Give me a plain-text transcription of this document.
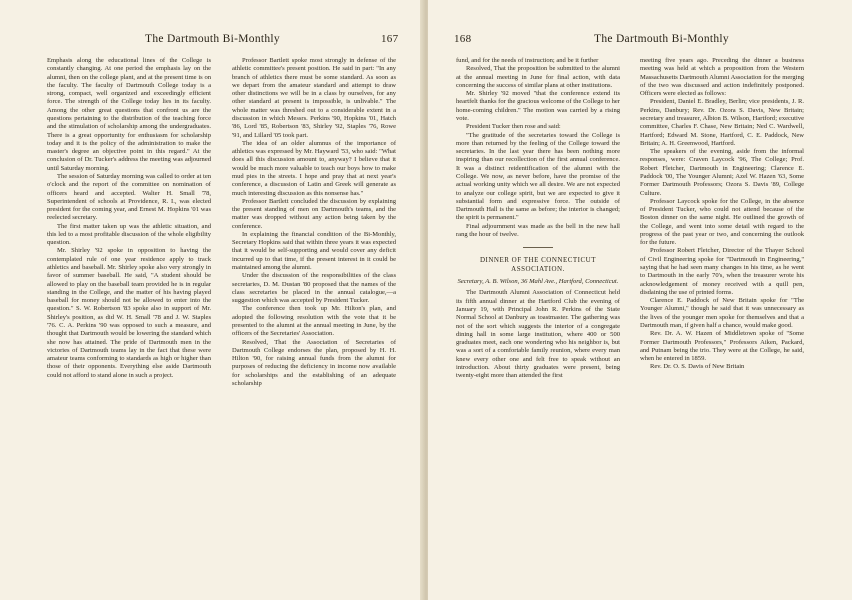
The Dartmouth Bi-Monthly	167

Emphasis along the educational lines of the College is constantly changing. At one period the emphasis lay on the alumni, then on the college plant, and at the present time is on the faculty. The faculty of Dartmouth College today is a strong, compact, well organized and exceedingly efficient force. The strength of the College today lies in its faculty. Among the other great questions that confront us are the questions pertaining to the distribution of the teaching force and the stimulation of scholarship among the undergraduates. There is a great opportunity for enthusiasm for scholarship today and it is the policy of the administration to make the master's degree an objective point in this regard." At the conclusion of Dr. Tucker's address the meeting was adjourned until Saturday morning.

The session of Saturday morning was called to order at ten o'clock and the report of the committee on nomination of officers heard and accepted. Walter H. Small '78, Superintendent of schools at Providence, R. I., was elected president for the coming year, and Ernest M. Hopkins '01 was reelected secretary.

The first matter taken up was the athletic situation, and this led to a most profitable discussion of the whole eligibility question.

Mr. Shirley '92 spoke in opposition to having the contemplated rule of one year residence apply to track athletics and baseball. Mr. Shirley spoke also very strongly in favor of summer baseball. He said, "A student should be allowed to play on the baseball team provided he is in regular standing in the College, and the matter of his having played baseball for money should not be allowed to enter into the question." S. W. Robertson '83 spoke also in support of Mr. Shirley's position, as did W. H. Small '78 and J. W. Staples '76. C. A. Perkins '90 was opposed to such a measure, and thought that Dartmouth would be lowering the standard which she now has attained. The pride of Dartmouth men in the victories of Dartmouth teams lay in the fact that these were amateur teams conforming to standards as high or higher than those of their opponents. Everything else aside Dartmouth could not afford to stand alone in such a project.

Professor Bartlett spoke most strongly in defense of the athletic committee's present position. He said in part: "In any branch of athletics there must be some standard. As soon as we depart from the amateur standard and attempt to draw other distinctions we will be in a class by ourselves, for any other standard at present is impossible, is unlivable." The whole matter was threshed out to a considerable extent in a discussion in which Messrs. Perkins '90, Hopkins '01, Hatch '86, Lord '85, Robertson '83, Shirley '92, Staples '76, Rowe '91, and Lillard '05 took part.

The idea of an older alumnus of the importance of athletics was expressed by Mr. Hayward '53, who said: "What does all this discussion amount to, anyway? I believe that it would be much more valuable to teach our boys how to make mud pies in the streets. I hope and pray that at next year's conference, a discussion of Latin and Greek will generate as much interesting discussion as this nonsense has."

Professor Bartlett concluded the discussion by explaining the present standing of men on Dartmouth's teams, and the matter was dropped without any action being taken by the conference.

In explaining the financial condition of the Bi-Monthly, Secretary Hopkins said that within three years it was expected that it would be self-supporting and would cover any deficit incurred up to that time, if the present interest in it could be maintained among the alumni.

Under the discussion of the responsibilities of the class secretaries, D. M. Dustan '80 proposed that the names of the class secretaries be placed in the annual catalogue,—a suggestion which was accepted by President Tucker.

The conference then took up Mr. Hilton's plan, and adopted the following resolution with the vote that it be presented to the alumni at the annual meeting in June, by the officers of the Secretaries' Association.

Resolved, That the Association of Secretaries of Dartmouth College endorses the plan, proposed by H. H. Hilton '90, for raising annual funds from the alumni for purposes of reducing the deficiency in income now available for scholarships and the establishing of an adequate scholarship

168	The Dartmouth Bi-Monthly

fund, and for the needs of instruction; and be it further

Resolved, That the proposition be submitted to the alumni at the annual meeting in June for final action, with data concerning the success of similar plans at other institutions.

Mr. Shirley '92 moved "that the conference extend its heartfelt thanks for the gracious welcome of the College to her home-coming children." The motion was carried by a rising vote.

President Tucker then rose and said:

"The gratitude of the secretaries toward the College is more than returned by the feeling of the College toward the secretaries. In the last year there has been nothing more inspiring than our recollection of the first annual conference. It was a distinct reidentification of the alumni with the College. We now, as never before, have the promise of the actual working unity which we all desire. We are not expected to analyze our college spirit, but we are expected to give it substantial form and expressive force. The outside of Dartmouth Hall is the same as before; the interior is changed; the spirit is permanent."

Final adjournment was made as the bell in the new hall rang the hour of twelve.

DINNER OF THE CONNECTICUT ASSOCIATION.

Secretary, A. B. Wilson, 36 Mahl Ave., Hartford, Connecticut.

The Dartmouth Alumni Association of Connecticut held its fifth annual dinner at the Hartford Club the evening of January 19, with Principal John R. Perkins of the State Normal School at Danbury as toastmaster. The gathering was not of the sort which suggests the interior of a congregate dining hall in some large institution, where 400 or 500 graduates meet, each one wondering who his neighbor is, but was a sort of a comfortable family reunion, where every man knew every other one and felt free to speak without an introduction. About thirty graduates were present, being twenty-eight more than attended the first

meeting five years ago. Preceding the dinner a business meeting was held at which a proposition from the Western Massachusetts Dartmouth Alumni Association for the merging of the two was discussed and action indefinitely postponed. Officers were elected as follows:

President, Daniel E. Bradley, Berlin; vice presidents, J. R. Perkins, Danbury; Rev. Dr. Ozora S. Davis, New Britain; secretary and treasurer, Albion B. Wilson, Hartford; executive committee, Charles F. Chase, New Britain; Ned C. Wardwell, Hartford; Edward M. Stone, Hartford, C. E. Paddock, New Britain; A. H. Greenwood, Hartford.

The speakers of the evening, aside from the informal responses, were: Craven Laycock '96, The College; Prof. Robert Fletcher, Dartmouth in Engineering; Clarence E. Paddock '00, The Younger Alumni; Azel W. Hazen '63, Some Former Dartmouth Professors; Ozora S. Davis '89, College Culture.

Professor Laycock spoke for the College, in the absence of President Tucker, who could not attend because of the Boston dinner on the same night. He outlined the growth of the College, and went into some detail with regard to the progress of the past year or two, and concerning the outlook for the future.

Professor Robert Fletcher, Director of the Thayer School of Civil Engineering spoke for "Dartmouth in Engineering," saying that he had seen many changes in his time, as he went to Dartmouth in the early 70's, when the treasurer wrote his acknowledgement of money received with a quill pen, disdaining the use of printed forms.

Clarence E. Paddock of New Britain spoke for "The Younger Alumni," though he said that it was unnecessary as the lives of the younger men spoke for themselves and that a Dartmouth man, if given half a chance, would make good.

Rev. Dr. A. W. Hazen of Middletown spoke of "Some Former Dartmouth Professors," Professors Aiken, Packard, and Putnam being the trio. They were at the College, he said, when he entered in 1859.

Rev. Dr. O. S. Davis of New Britain
